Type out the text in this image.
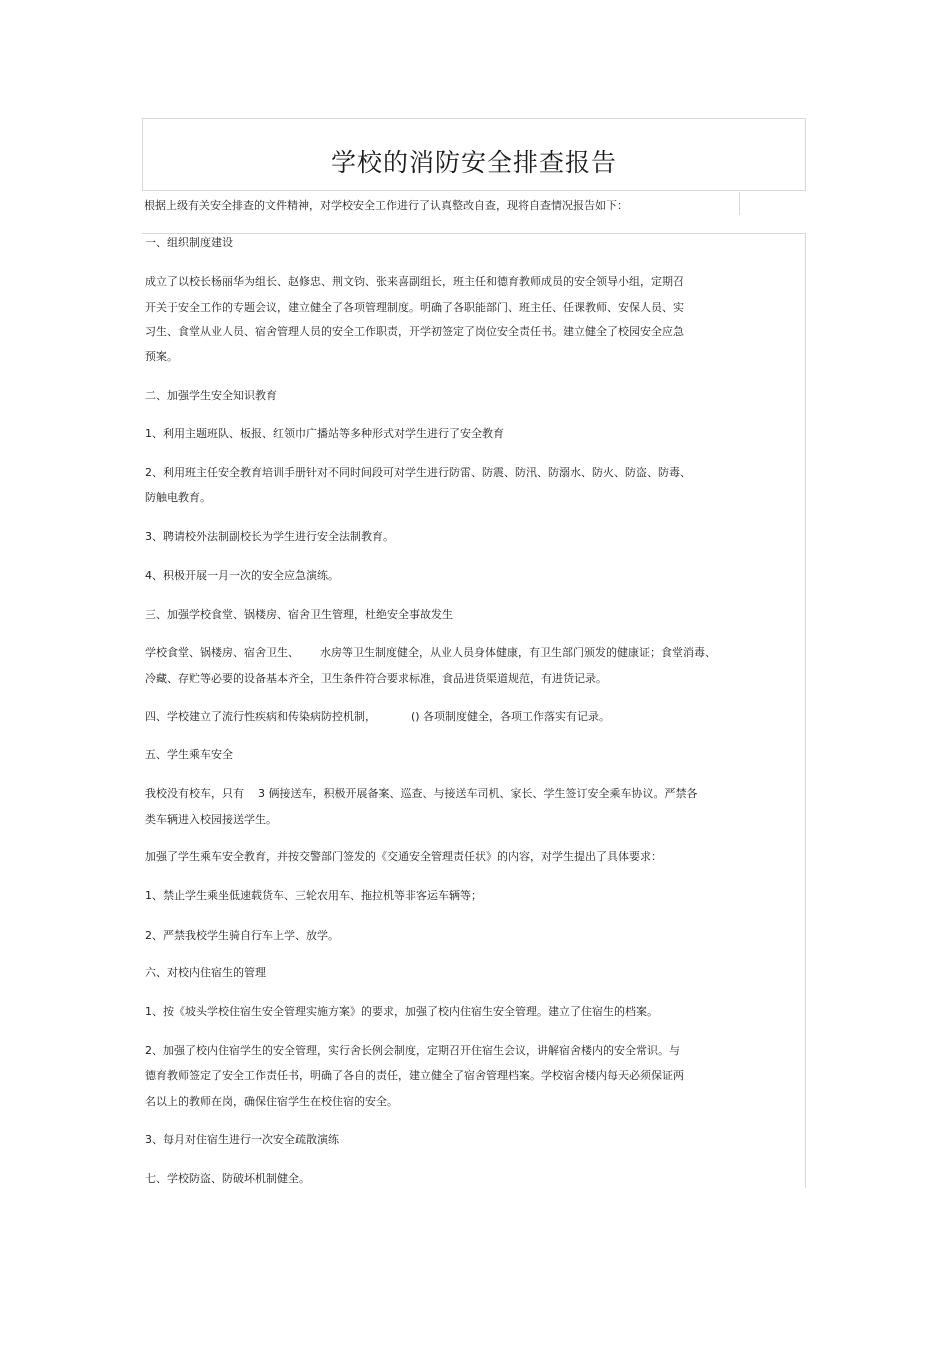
学校的消防安全排查报告
根据上级有关安全排查的文件精神，对学校安全工作进行了认真整改自查，现将自查情况报告如下：
一、组织制度建设
成立了以校长杨丽华为组长、赵修忠、荆文钧、张来喜副组长，班主任和德育教师成员的安全领导小组，定期召
开关于安全工作的专题会议，建立健全了各项管理制度。明确了各职能部门、班主任、任课教师、安保人员、实
习生、食堂从业人员、宿舍管理人员的安全工作职责，开学初签定了岗位安全责任书。建立健全了校园安全应急
预案。
二、加强学生安全知识教育
1、利用主题班队、板报、红领巾广播站等多种形式对学生进行了安全教育
2、利用班主任安全教育培训手册针对不同时间段可对学生进行防雷、防震、防汛、防溺水、防火、防盗、防毒、
防触电教育。
3、聘请校外法制副校长为学生进行安全法制教育。
4、积极开展一月一次的安全应急演练。
三、加强学校食堂、锅楼房、宿舍卫生管理，杜绝安全事故发生
学校食堂、锅楼房、宿舍卫生、      水房等卫生制度健全，从业人员身体健康，有卫生部门颁发的健康证；食堂消毒、
冷藏、存贮等必要的设备基本齐全，卫生条件符合要求标准，食品进货渠道规范，有进货记录。
四、学校建立了流行性疾病和传染病防控机制，          () 各项制度健全，各项工作落实有记录。
五、学生乘车安全
我校没有校车，只有    3 俩接送车，积极开展备案、巡查、与接送车司机、家长、学生签订安全乘车协议。严禁各
类车辆进入校园接送学生。
加强了学生乘车安全教育，并按交警部门签发的《交通安全管理责任状》的内容，对学生提出了具体要求：
1、禁止学生乘坐低速载货车、三轮农用车、拖拉机等非客运车辆等；
2、严禁我校学生骑自行车上学、放学。
六、对校内住宿生的管理
1、按《坡头学校住宿生安全管理实施方案》的要求，加强了校内住宿生安全管理。建立了住宿生的档案。
2、加强了校内住宿学生的安全管理，实行舍长例会制度，定期召开住宿生会议，讲解宿舍楼内的安全常识。与
德育教师签定了安全工作责任书，明确了各自的责任，建立健全了宿舍管理档案。学校宿舍楼内每天必须保证两
名以上的教师在岗，确保住宿学生在校住宿的安全。
3、每月对住宿生进行一次安全疏散演练
七、学校防盗、防破坏机制健全。
